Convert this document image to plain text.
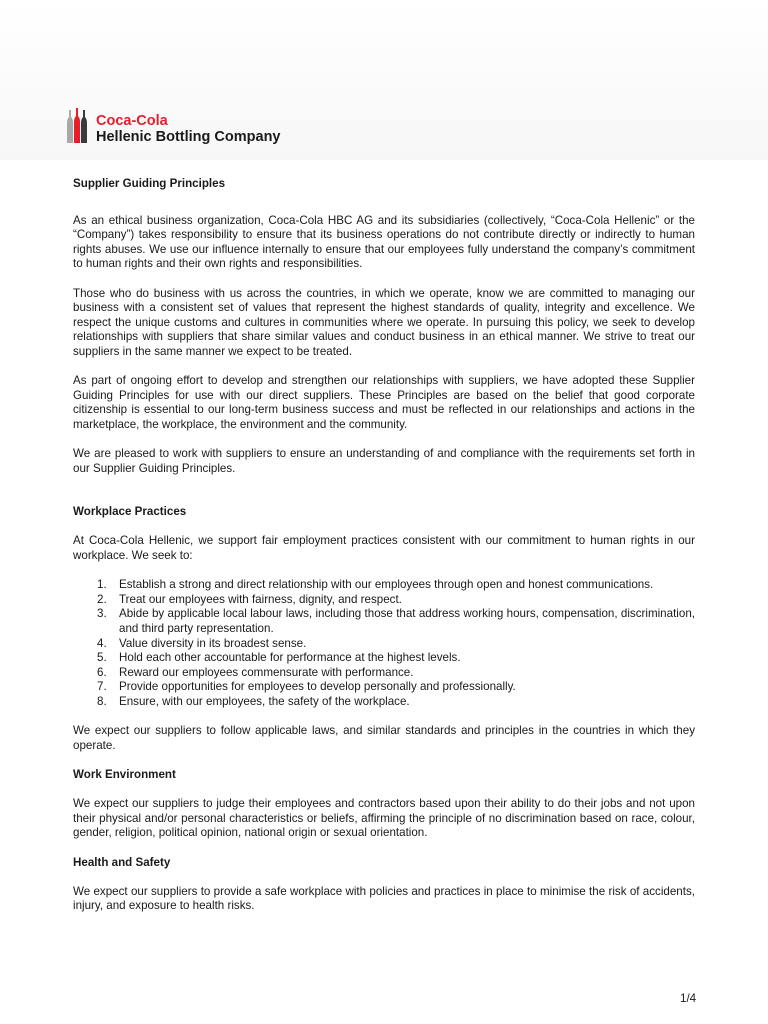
Coca-Cola
Hellenic Bottling Company

Supplier Guiding Principles

As an ethical business organization, Coca-Cola HBC AG and its subsidiaries (collectively, “Coca-Cola Hellenic” or the “Company”) takes responsibility to ensure that its business operations do not contribute directly or indirectly to human rights abuses. We use our influence internally to ensure that our employees fully understand the company’s commitment to human rights and their own rights and responsibilities.

Those who do business with us across the countries, in which we operate, know we are committed to managing our business with a consistent set of values that represent the highest standards of quality, integrity and excellence. We respect the unique customs and cultures in communities where we operate. In pursuing this policy, we seek to develop relationships with suppliers that share similar values and conduct business in an ethical manner. We strive to treat our suppliers in the same manner we expect to be treated.

As part of ongoing effort to develop and strengthen our relationships with suppliers, we have adopted these Supplier Guiding Principles for use with our direct suppliers. These Principles are based on the belief that good corporate citizenship is essential to our long-term business success and must be reflected in our relationships and actions in the marketplace, the workplace, the environment and the community.

We are pleased to work with suppliers to ensure an understanding of and compliance with the requirements set forth in our Supplier Guiding Principles.

Workplace Practices

At Coca-Cola Hellenic, we support fair employment practices consistent with our commitment to human rights in our workplace. We seek to:

1. Establish a strong and direct relationship with our employees through open and honest communications.
2. Treat our employees with fairness, dignity, and respect.
3. Abide by applicable local labour laws, including those that address working hours, compensation, discrimination, and third party representation.
4. Value diversity in its broadest sense.
5. Hold each other accountable for performance at the highest levels.
6. Reward our employees commensurate with performance.
7. Provide opportunities for employees to develop personally and professionally.
8. Ensure, with our employees, the safety of the workplace.

We expect our suppliers to follow applicable laws, and similar standards and principles in the countries in which they operate.

Work Environment

We expect our suppliers to judge their employees and contractors based upon their ability to do their jobs and not upon their physical and/or personal characteristics or beliefs, affirming the principle of no discrimination based on race, colour, gender, religion, political opinion, national origin or sexual orientation.

Health and Safety

We expect our suppliers to provide a safe workplace with policies and practices in place to minimise the risk of accidents, injury, and exposure to health risks.

1/4
